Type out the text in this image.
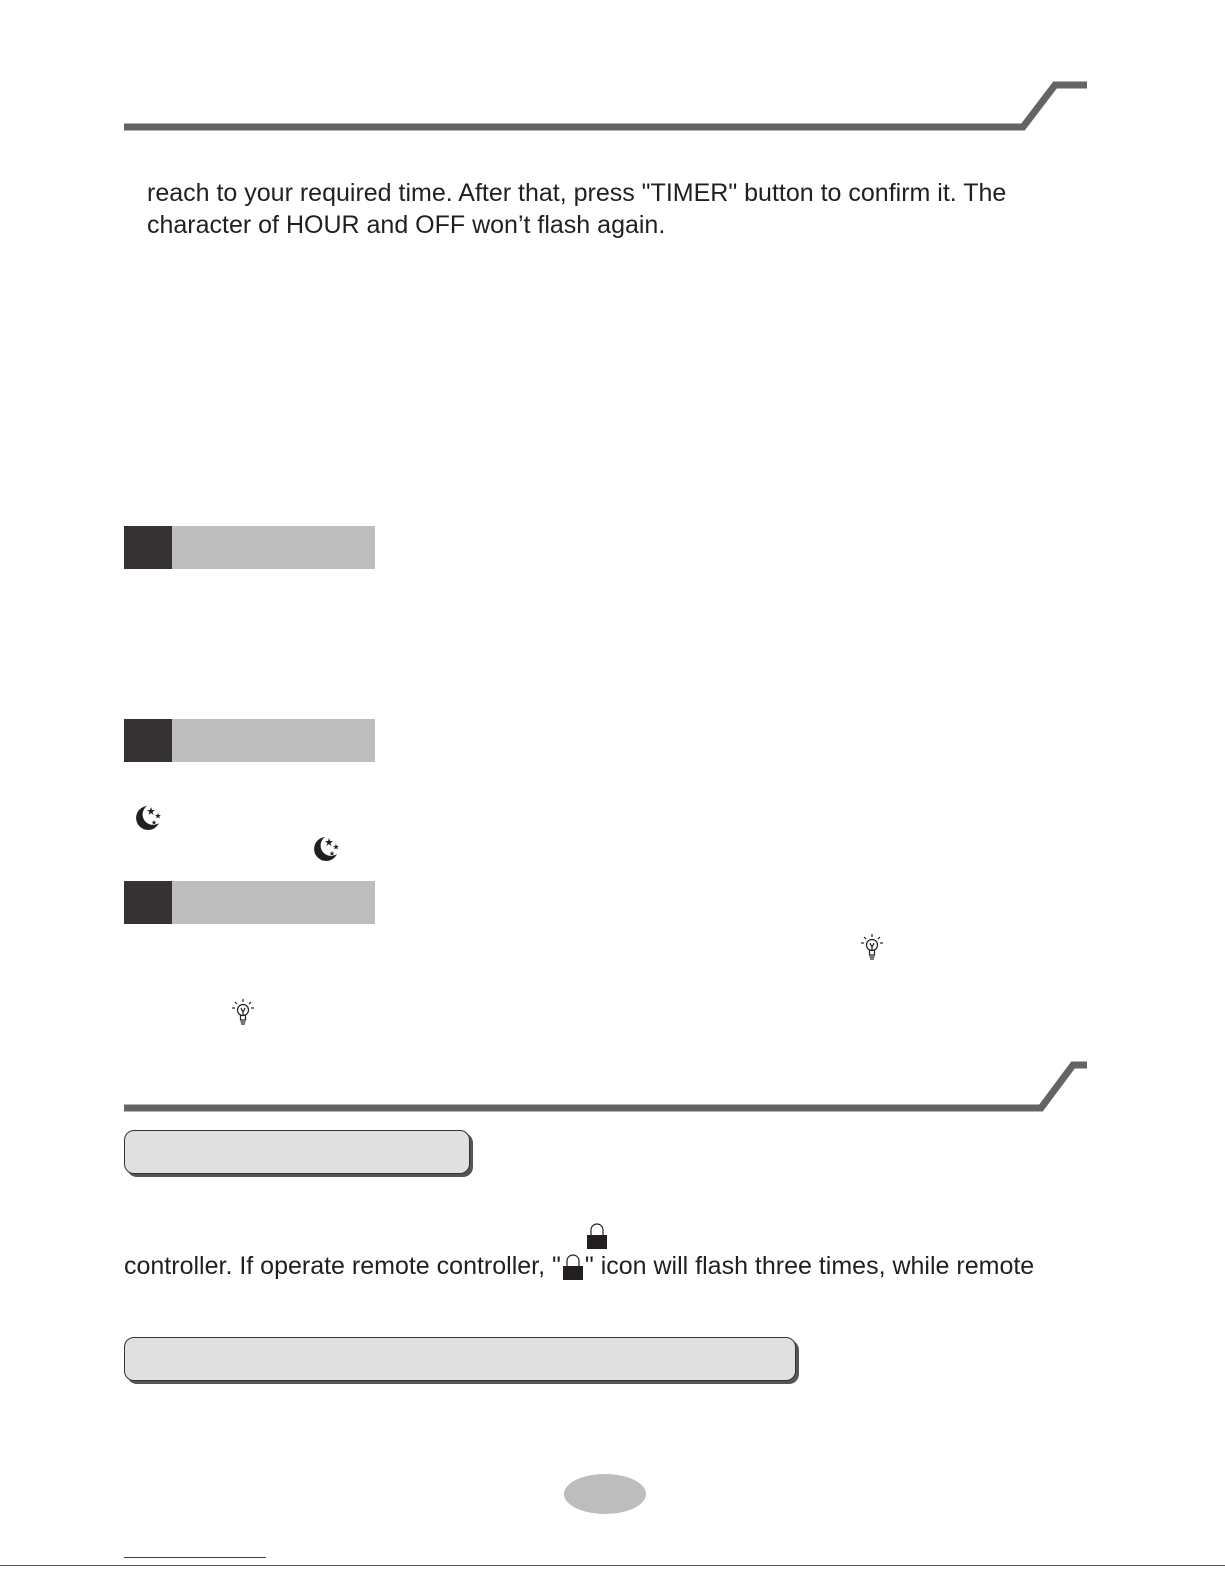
reach to your required time. After that, press "TIMER" button to confirm it. The
character of HOUR and OFF won’t flash again.
controller. If operate remote controller, " " icon will flash three times, while remote
